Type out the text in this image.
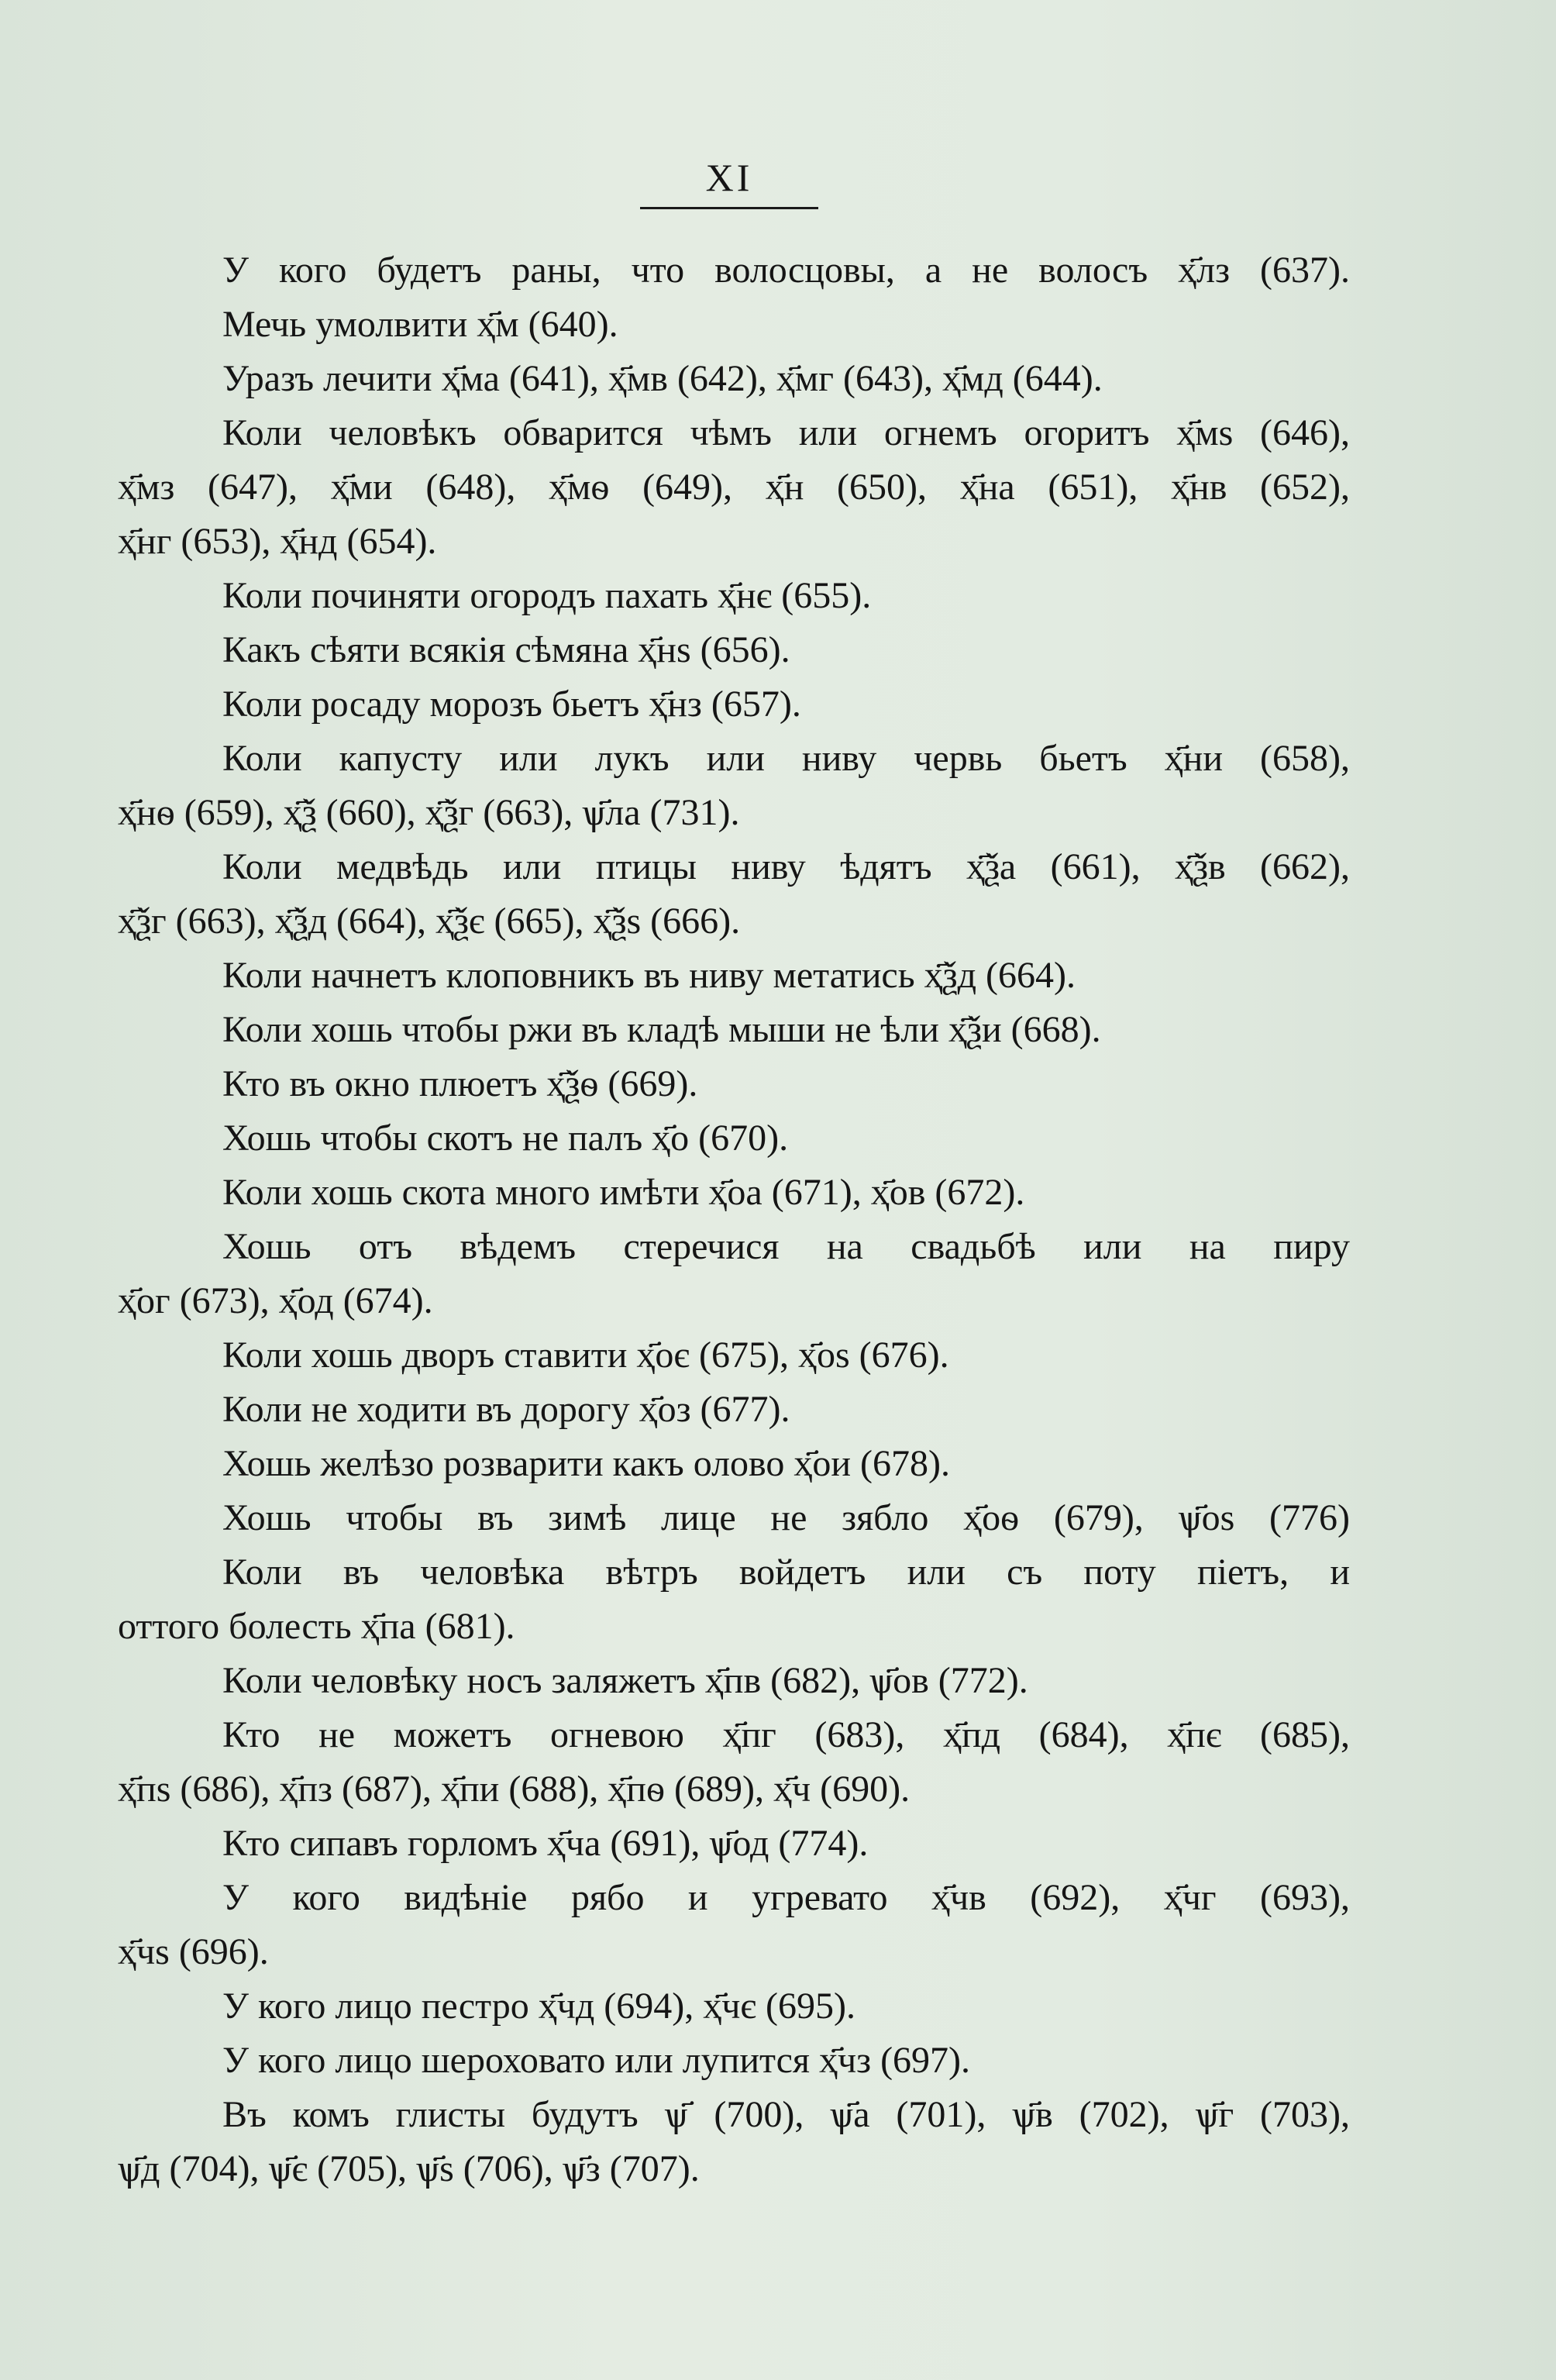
XI
У кого будетъ раны, что волосцовы, а не волосъ ҳ҃лз (637).
Мечь умолвити ҳ҃м (640).
Уразъ лечити ҳ҃ма (641), ҳ҃мв (642), ҳ҃мг (643), ҳ҃мд (644).
Коли человѣкъ обварится чѣмъ или огнемъ огоритъ ҳ҃мѕ (646),
ҳ҃мз (647), ҳ҃ми (648), ҳ҃мѳ (649), ҳ҃н (650), ҳ҃на (651), ҳ҃нв (652),
ҳ҃нг (653), ҳ҃нд (654).
Коли починяти огородъ пахать ҳ҃нє (655).
Какъ сѣяти всякія сѣмяна ҳ҃нѕ (656).
Коли росаду морозъ бьетъ ҳ҃нз (657).
Коли капусту или лукъ или ниву червь бьетъ ҳ҃ни (658),
ҳ҃нѳ (659), ҳ҃ѯ (660), ҳ҃ѯг (663), ѱ҃ла (731).
Коли медвѣдь или птицы ниву ѣдятъ ҳ҃ѯа (661), ҳ҃ѯв (662),
ҳ҃ѯг (663), ҳ҃ѯд (664), ҳ҃ѯє (665), ҳ҃ѯѕ (666).
Коли начнетъ клоповникъ въ ниву метатись ҳ҃ѯд (664).
Коли хошь чтобы ржи въ кладѣ мыши не ѣли ҳ҃ѯи (668).
Кто въ окно плюетъ ҳ҃ѯѳ (669).
Хошь чтобы скотъ не палъ ҳ҃о (670).
Коли хошь скота много имѣти ҳ҃оа (671), ҳ҃ов (672).
Хошь отъ вѣдемъ стеречися на свадьбѣ или на пиру
ҳ҃ог (673), ҳ҃од (674).
Коли хошь дворъ ставити ҳ҃оє (675), ҳ҃оѕ (676).
Коли не ходити въ дорогу ҳ҃оз (677).
Хошь желѣзо розварити какъ олово ҳ҃ои (678).
Хошь чтобы въ зимѣ лице не зябло ҳ҃оѳ (679), ѱ҃оѕ (776)
Коли въ человѣка вѣтръ войдетъ или съ поту піетъ, и
оттого болесть ҳ҃па (681).
Коли человѣку носъ заляжетъ ҳ҃пв (682), ѱ҃ов (772).
Кто не можетъ огневою ҳ҃пг (683), ҳ҃пд (684), ҳ҃пє (685),
ҳ҃пѕ (686), ҳ҃пз (687), ҳ҃пи (688), ҳ҃пѳ (689), ҳ҃ч (690).
Кто сипавъ горломъ ҳ҃ча (691), ѱ҃од (774).
У кого видѣніе рябо и угревато ҳ҃чв (692), ҳ҃чг (693),
ҳ҃чѕ (696).
У кого лицо пестро ҳ҃чд (694), ҳ҃чє (695).
У кого лицо шероховато или лупится ҳ҃чз (697).
Въ комъ глисты будутъ ѱ҃ (700), ѱ҃а (701), ѱ҃в (702), ѱ҃г (703),
ѱ҃д (704), ѱ҃є (705), ѱ҃ѕ (706), ѱ҃з (707).
